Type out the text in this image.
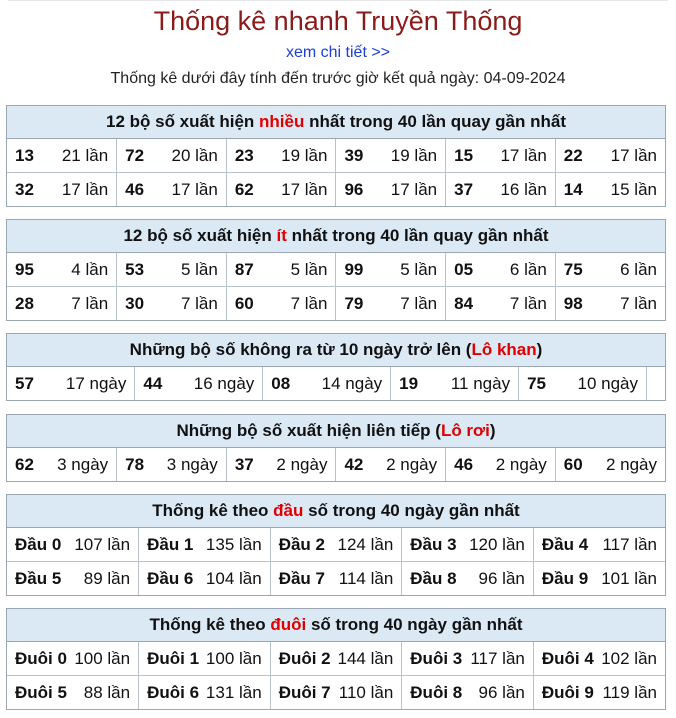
Thống kê nhanh Truyền Thống
xem chi tiết >>
Thống kê dưới đây tính đến trước giờ kết quả ngày: 04-09-2024
12 bộ số xuất hiện nhiều nhất trong 40 lần quay gần nhất
13 21 lần	72 20 lần	23 19 lần	39 19 lần	15 17 lần	22 17 lần

32 17 lần	46 17 lần	62 17 lần	96 17 lần	37 16 lần	14 15 lần
12 bộ số xuất hiện ít nhất trong 40 lần quay gần nhất
95 4 lần	53 5 lần	87 5 lần	99 5 lần	05 6 lần	75 6 lần

28 7 lần	30 7 lần	60 7 lần	79 7 lần	84 7 lần	98 7 lần
Những bộ số không ra từ 10 ngày trở lên (Lô khan)
57 17 ngày	44 16 ngày	08 14 ngày	19 11 ngày	75 10 ngày

Những bộ số xuất hiện liên tiếp (Lô rơi)
62 3 ngày	78 3 ngày	37 2 ngày	42 2 ngày	46 2 ngày	60 2 ngày
Thống kê theo đầu số trong 40 ngày gần nhất
Đầu 0 107 lần	Đầu 1 135 lần	Đầu 2 124 lần	Đầu 3 120 lần	Đầu 4 117 lần

Đầu 5 89 lần	Đầu 6 104 lần	Đầu 7 114 lần	Đầu 8 96 lần	Đầu 9 101 lần
Thống kê theo đuôi số trong 40 ngày gần nhất
Đuôi 0 100 lần	Đuôi 1 100 lần	Đuôi 2 144 lần	Đuôi 3 117 lần	Đuôi 4 102 lần

Đuôi 5 88 lần	Đuôi 6 131 lần	Đuôi 7 110 lần	Đuôi 8 96 lần	Đuôi 9 119 lần
